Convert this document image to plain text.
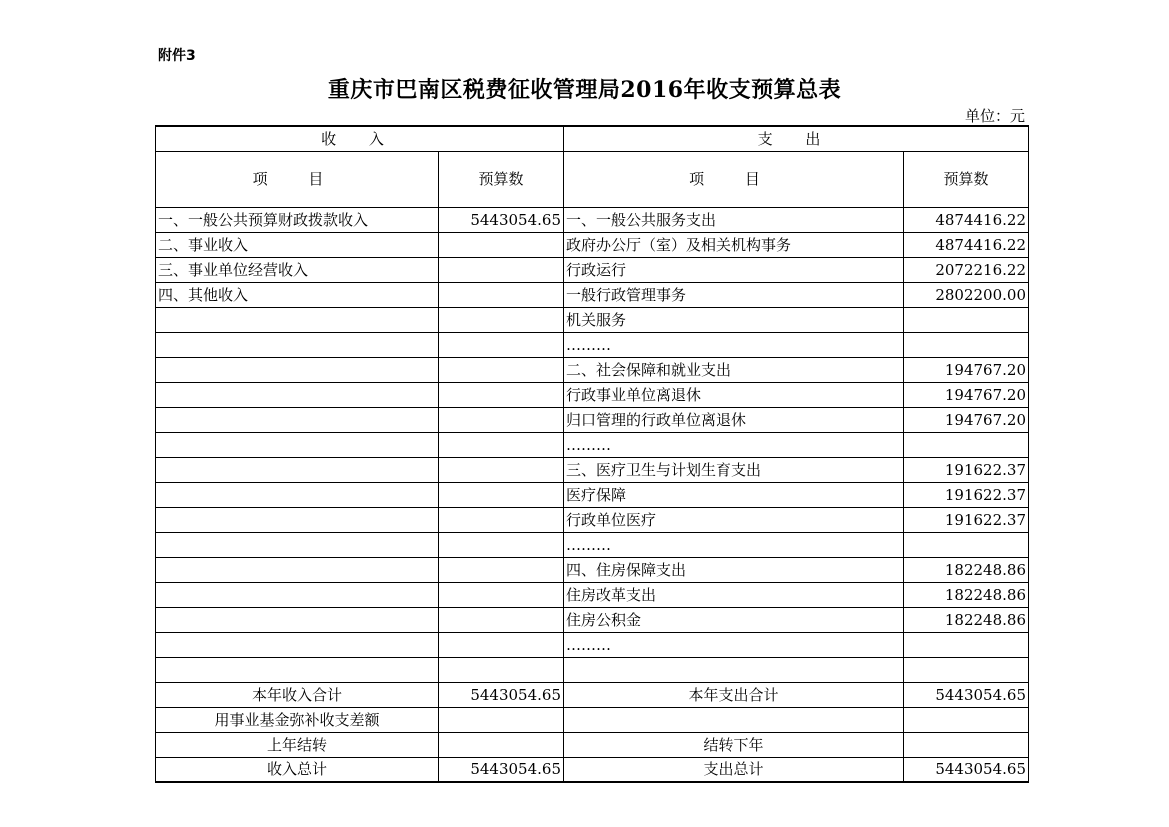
附件3
重庆市巴南区税费征收管理局2016年收支预算总表
单位：元
收 入		支 出	
项 目	预算数	项 目	预算数
一、一般公共预算财政拨款收入	5443054.65	一、一般公共服务支出	4874416.22
二、事业收入		政府办公厅（室）及相关机构事务	4874416.22
三、事业单位经营收入		行政运行	2072216.22
四、其他收入		一般行政管理事务	2802200.00
		机关服务	
		………	
		二、社会保障和就业支出	194767.20
		行政事业单位离退休	194767.20
		归口管理的行政单位离退休	194767.20
		………	
		三、医疗卫生与计划生育支出	191622.37
		医疗保障	191622.37
		行政单位医疗	191622.37
		………	
		四、住房保障支出	182248.86
		住房改革支出	182248.86
		住房公积金	182248.86
		………	

本年收入合计	5443054.65	本年支出合计	5443054.65
用事业基金弥补收支差额			
上年结转		结转下年	
收入总计	5443054.65	支出总计	5443054.65
